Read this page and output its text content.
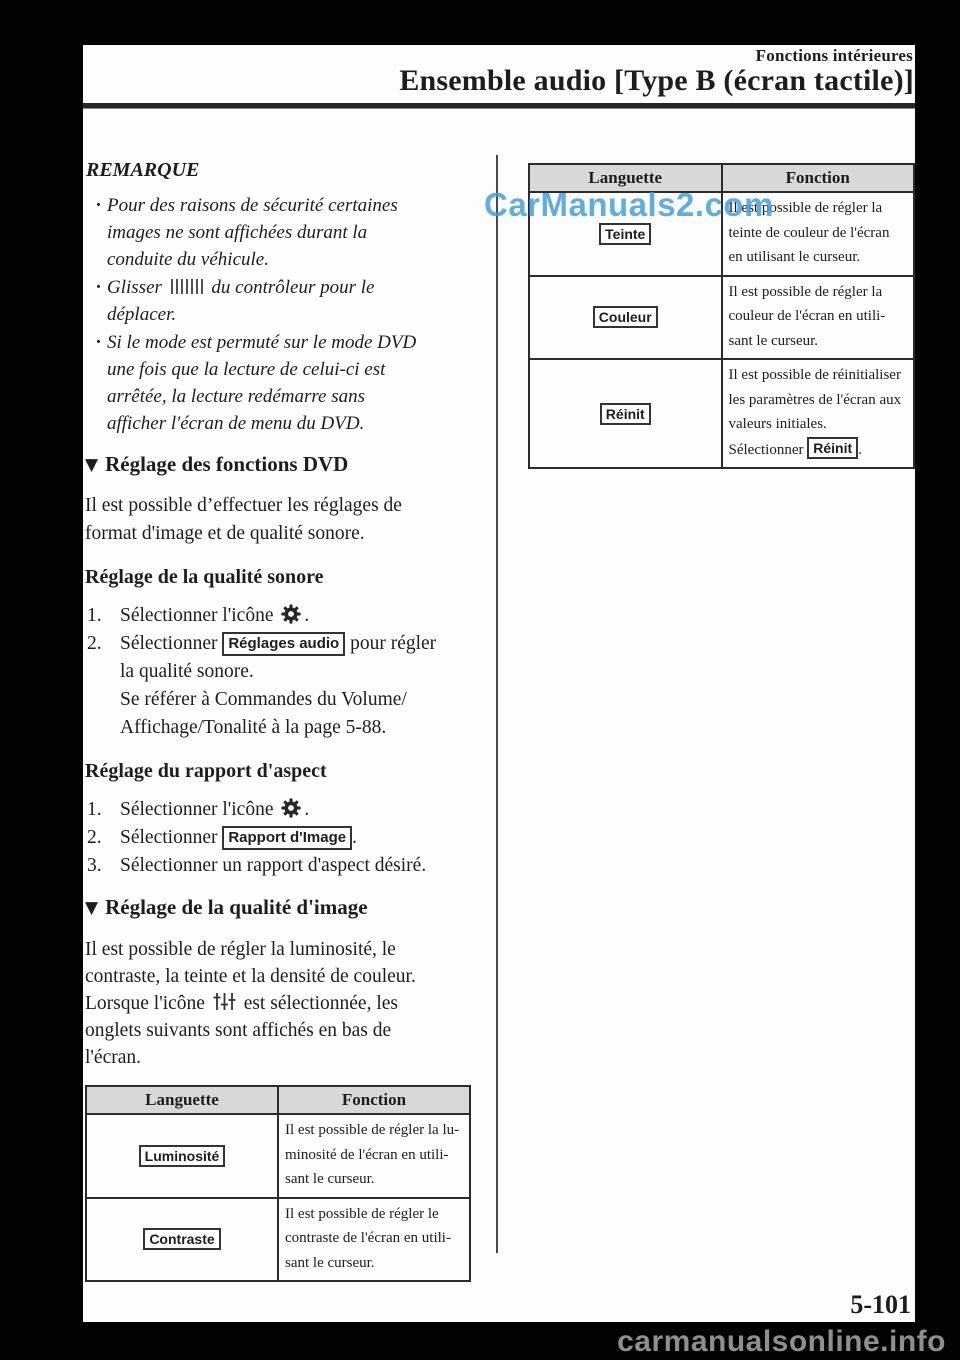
Fonctions intérieures
Ensemble audio [Type B (écran tactile)]
REMARQUE
· Pour des raisons de sécurité certaines
images ne sont affichées durant la
conduite du véhicule.
· Glisser	du contrôleur pour le
déplacer.
· Si le mode est permuté sur le mode DVD
une fois que la lecture de celui-ci est
arrêtée, la lecture redémarre sans
afficher l'écran de menu du DVD.
▼ Réglage des fonctions DVD

Il est possible d’effectuer les réglages de
format d'image et de qualité sonore.

Réglage de la qualité sonore
1. Sélectionner l'icône .
2. Sélectionner Réglages audio pour régler
la qualité sonore.
Se référer à Commandes du Volume/
Affichage/Tonalité à la page 5-88.
Réglage du rapport d'aspect
1. Sélectionner l'icône .
2. Sélectionner Rapport d'Image .
3. Sélectionner un rapport d'aspect désiré.
▼ Réglage de la qualité d'image

Il est possible de régler la luminosité, le
contraste, la teinte et la densité de couleur.
Lorsque l'icône est sélectionnée, les
onglets suivants sont affichés en bas de
l'écran.

Languette	Fonction
Luminosité	Il est possible de régler la lu-
minosité de l'écran en utili-
sant le curseur.
Contraste	Il est possible de régler le
contraste de l'écran en utili-
sant le curseur.
Languette	Fonction
Teinte	Il est possible de régler la
teinte de couleur de l'écran
en utilisant le curseur.
Couleur	Il est possible de régler la
couleur de l'écran en utili-
sant le curseur.
Réinit	Il est possible de réinitialiser
les paramètres de l'écran aux
valeurs initiales.
Sélectionner Réinit .
5-101
CarManuals2.com
carmanualsonline.info
